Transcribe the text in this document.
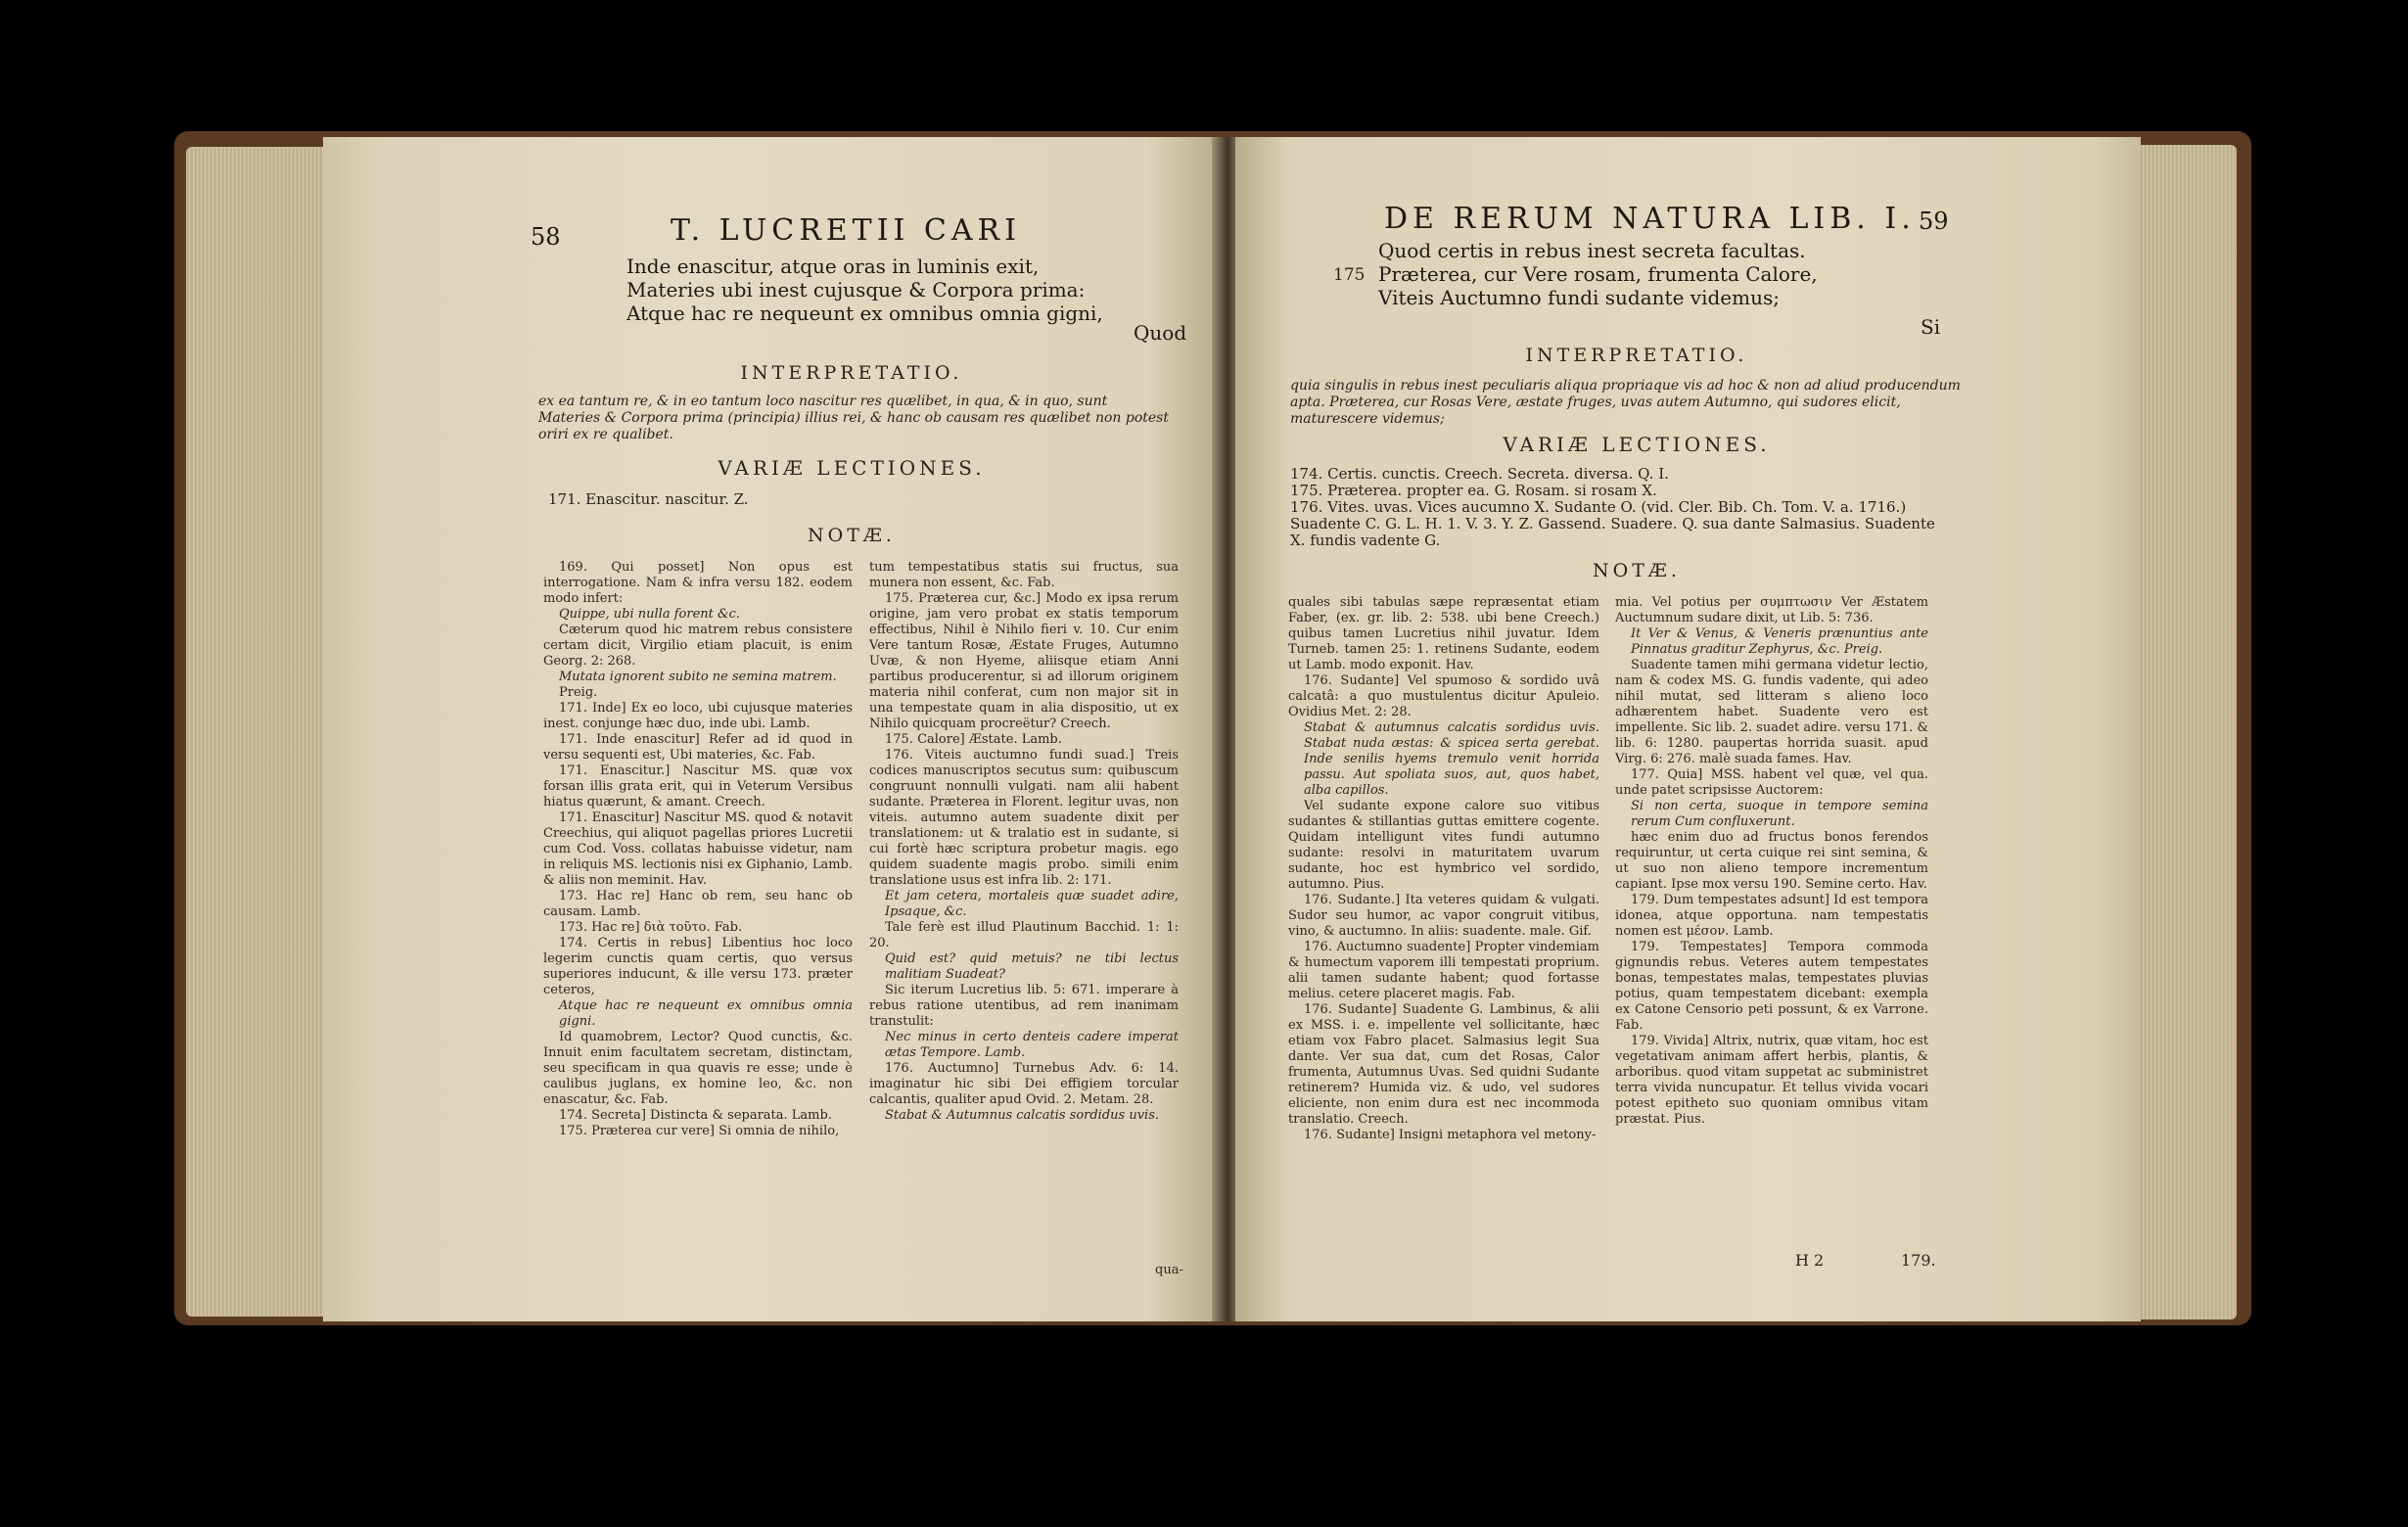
58	T. LUCRETII CARI
Inde enascitur, atque oras in luminis exit,
Materies ubi inest cujusque & Corpora prima:
Atque hac re nequeunt ex omnibus omnia gigni,
Quod
INTERPRETATIO.
ex ea tantum re, & in eo tantum loco nascitur res quælibet, in qua, & in quo, sunt Materies & Corpora prima (principia) illius rei, & hanc ob causam res quælibet non potest oriri ex re qualibet.
VARIÆ LECTIONES.
171. Enascitur. nascitur. Z.
NOTÆ.

169. Qui posset] Non opus est interrogatione. Nam & infra versu 182. eodem modo infert:

Quippe, ubi nulla forent &c.

Cæterum quod hic matrem rebus consistere certam dicit, Virgilio etiam placuit, is enim Georg. 2: 268.

Mutata ignorent subito ne semina matrem.

Preig.

171. Inde] Ex eo loco, ubi cujusque materies inest. conjunge hæc duo, inde ubi. Lamb.

171. Inde enascitur] Refer ad id quod in versu sequenti est, Ubi materies, &c. Fab.

171. Enascitur.] Nascitur MS. quæ vox forsan illis grata erit, qui in Veterum Versibus hiatus quærunt, & amant. Creech.

171. Enascitur] Nascitur MS. quod & notavit Creechius, qui aliquot pagellas priores Lucretii cum Cod. Voss. collatas habuisse videtur, nam in reliquis MS. lectionis nisi ex Giphanio, Lamb. & aliis non meminit. Hav.

173. Hac re] Hanc ob rem, seu hanc ob causam. Lamb.

173. Hac re] διὰ τοῦτο. Fab.

174. Certis in rebus] Libentius hoc loco legerim cunctis quam certis, quo versus superiores inducunt, & ille versu 173. præter ceteros,

Atque hac re nequeunt ex omnibus omnia gigni.

Id quamobrem, Lector? Quod cunctis, &c. Innuit enim facultatem secretam, distinctam, seu specificam in qua quavis re esse; unde è caulibus juglans, ex homine leo, &c. non enascatur, &c. Fab.

174. Secreta] Distincta & separata. Lamb.

175. Præterea cur vere] Si omnia de nihilo,

tum tempestatibus statis sui fructus, sua munera non essent, &c. Fab.

175. Præterea cur, &c.] Modo ex ipsa rerum origine, jam vero probat ex statis temporum effectibus, Nihil è Nihilo fieri v. 10. Cur enim Vere tantum Rosæ, Æstate Fruges, Autumno Uvæ, & non Hyeme, aliisque etiam Anni partibus producerentur, si ad illorum originem materia nihil conferat, cum non major sit in una tempestate quam in alia dispositio, ut ex Nihilo quicquam procreëtur? Creech.

175. Calore] Æstate. Lamb.

176. Viteis auctumno fundi suad.] Treis codices manuscriptos secutus sum: quibuscum congruunt nonnulli vulgati. nam alii habent sudante. Præterea in Florent. legitur uvas, non viteis. autumno autem suadente dixit per translationem: ut & tralatio est in sudante, si cui fortè hæc scriptura probetur magis. ego quidem suadente magis probo. simili enim translatione usus est infra lib. 2: 171.

Et jam cetera, mortaleis quæ suadet adire, Ipsaque, &c.

Tale ferè est illud Plautinum Bacchid. 1: 1: 20.

Quid est? quid metuis? ne tibi lectus malitiam Suadeat?

Sic iterum Lucretius lib. 5: 671. imperare à rebus ratione utentibus, ad rem inanimam transtulit:

Nec minus in certo denteis cadere imperat ætas Tempore. Lamb.

176. Auctumno] Turnebus Adv. 6: 14. imaginatur hic sibi Dei effigiem torcular calcantis, qualiter apud Ovid. 2. Metam. 28.

Stabat & Autumnus calcatis sordidus uvis.

qua-
DE RERUM NATURA LIB. I. 59
Quod certis in rebus inest secreta facultas.
175 Præterea, cur Vere rosam, frumenta Calore,
Viteis Auctumno fundi sudante videmus;
Si
INTERPRETATIO.
quia singulis in rebus inest peculiaris aliqua propriaque vis ad hoc & non ad aliud producendum apta. Præterea, cur Rosas Vere, æstate fruges, uvas autem Autumno, qui sudores elicit, maturescere videmus;
VARIÆ LECTIONES.
174. Certis. cunctis. Creech. Secreta. diversa. Q. I.
175. Præterea. propter ea. G. Rosam. si rosam X.
176. Vites. uvas. Vices aucumno X. Sudante O. (vid. Cler. Bib. Ch. Tom. V. a. 1716.)
Suadente C. G. L. H. 1. V. 3. Y. Z. Gassend. Suadere. Q. sua dante Salmasius. Suadente
X. fundis vadente G.
NOTÆ.

quales sibi tabulas sæpe repræsentat etiam Faber, (ex. gr. lib. 2: 538. ubi bene Creech.) quibus tamen Lucretius nihil juvatur. Idem Turneb. tamen 25: 1. retinens Sudante, eodem ut Lamb. modo exponit. Hav.

176. Sudante] Vel spumoso & sordido uvâ calcatâ: a quo mustulentus dicitur Apuleio. Ovidius Met. 2: 28.

Stabat & autumnus calcatis sordidus uvis. Stabat nuda æstas: & spicea serta gerebat. Inde senilis hyems tremulo venit horrida passu. Aut spoliata suos, aut, quos habet, alba capillos.

Vel sudante expone calore suo vitibus sudantes & stillantias guttas emittere cogente. Quidam intelligunt vites fundi autumno sudante: resolvi in maturitatem uvarum sudante, hoc est hymbrico vel sordido, autumno. Pius.

176. Sudante.] Ita veteres quidam & vulgati. Sudor seu humor, ac vapor congruit vitibus, vino, & auctumno. In aliis: suadente. male. Gif.

176. Auctumno suadente] Propter vindemiam & humectum vaporem illi tempestati proprium. alii tamen sudante habent; quod fortasse melius. cetere placeret magis. Fab.

176. Sudante] Suadente G. Lambinus, & alii ex MSS. i. e. impellente vel sollicitante, hæc etiam vox Fabro placet. Salmasius legit Sua dante. Ver sua dat, cum det Rosas, Calor frumenta, Autumnus Uvas. Sed quidni Sudante retinerem? Humida viz. & udo, vel sudores eliciente, non enim dura est nec incommoda translatio. Creech.

176. Sudante] Insigni metaphora vel metony-

mia. Vel potius per συμπτωσιν Ver Æstatem Auctumnum sudare dixit, ut Lib. 5: 736.

It Ver & Venus, & Veneris prænuntius ante Pinnatus graditur Zephyrus, &c. Preig.

Suadente tamen mihi germana videtur lectio, nam & codex MS. G. fundis vadente, qui adeo nihil mutat, sed litteram s alieno loco adhærentem habet. Suadente vero est impellente. Sic lib. 2. suadet adire. versu 171. & lib. 6: 1280. paupertas horrida suasit. apud Virg. 6: 276. malè suada fames. Hav.

177. Quia] MSS. habent vel quæ, vel qua. unde patet scripsisse Auctorem:

Si non certa, suoque in tempore semina rerum Cum confluxerunt.

hæc enim duo ad fructus bonos ferendos requiruntur, ut certa cuique rei sint semina, & ut suo non alieno tempore incrementum capiant. Ipse mox versu 190. Semine certo. Hav.

179. Dum tempestates adsunt] Id est tempora idonea, atque opportuna. nam tempestatis nomen est μέσον. Lamb.

179. Tempestates] Tempora commoda gignundis rebus. Veteres autem tempestates bonas, tempestates malas, tempestates pluvias potius, quam tempestatem dicebant: exempla ex Catone Censorio peti possunt, & ex Varrone. Fab.

179. Vivida] Altrix, nutrix, quæ vitam, hoc est vegetativam animam affert herbis, plantis, & arboribus. quod vitam suppetat ac subministret terra vivida nuncupatur. Et tellus vivida vocari potest epitheto suo quoniam omnibus vitam præstat. Pius.

H 2	179.
